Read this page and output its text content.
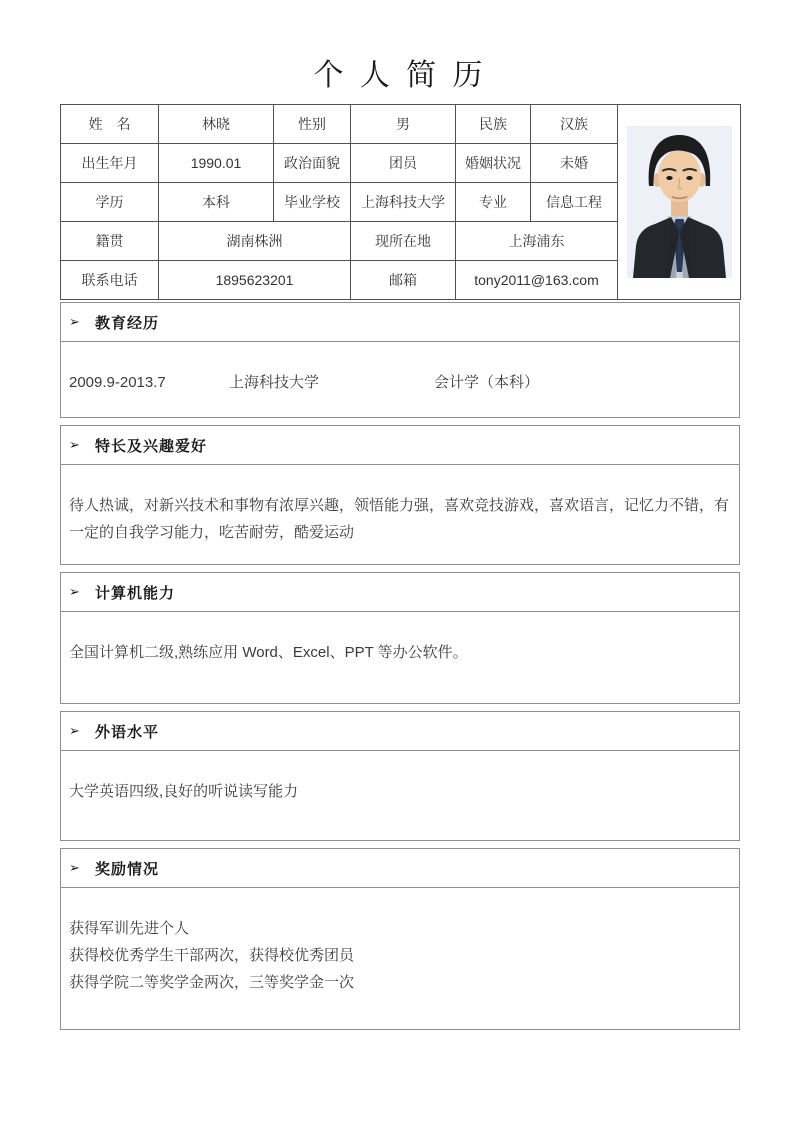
个 人 简 历
姓　名	林晓	性别	男	民族	汉族	

出生年月	1990.01	政治面貌	团员	婚姻状况	未婚	
学历	本科	毕业学校	上海科技大学	专业	信息工程	
籍贯	湖南株洲		现所在地	上海浦东		
联系电话	1895623201		邮箱	tony2011@163.com		
➢	教育经历
2009.9-2013.7	上海科技大学	会计学（本科）
➢	特长及兴趣爱好
待人热诚，对新兴技术和事物有浓厚兴趣，领悟能力强，喜欢竞技游戏，喜欢语言，记忆力不错，有一定的自我学习能力，吃苦耐劳，酷爱运动
➢	计算机能力
全国计算机二级,熟练应用 Word、Excel、PPT 等办公软件。
➢	外语水平
大学英语四级,良好的听说读写能力
➢	奖励情况
获得军训先进个人
获得校优秀学生干部两次，获得校优秀团员
获得学院二等奖学金两次，三等奖学金一次
